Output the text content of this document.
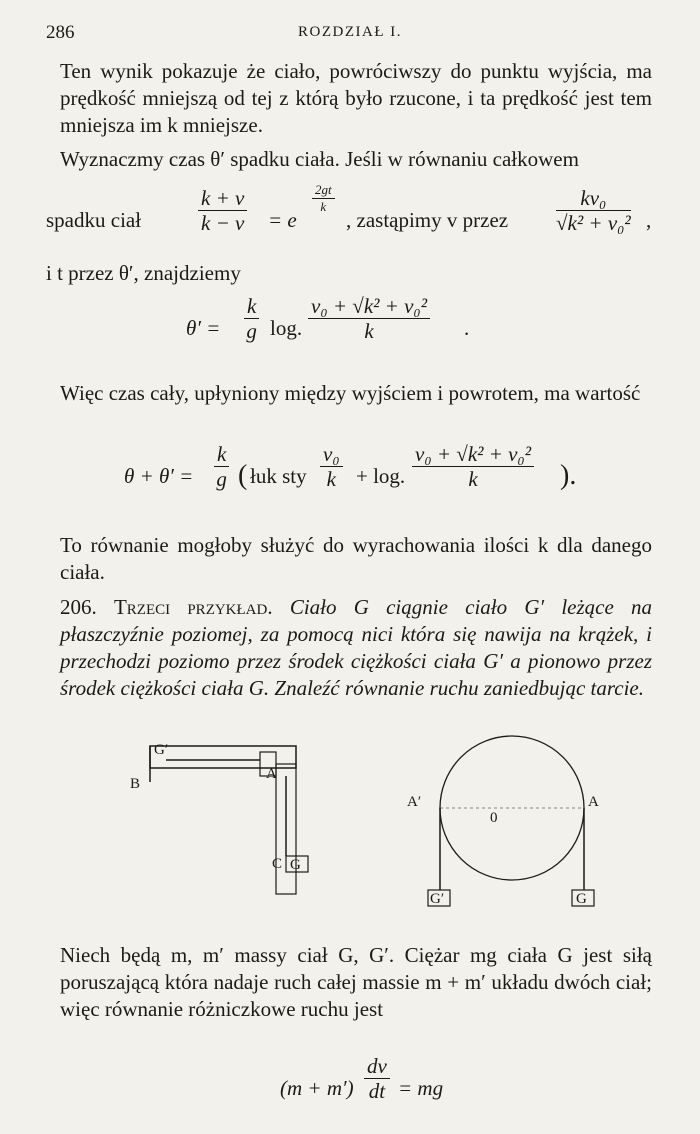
286	ROZDZIAŁ I.
Ten wynik pokazuje że ciało, powróciwszy do punktu wyjścia, ma prędkość mniejszą od tej z którą było rzucone, i ta prędkość jest tem mniejsza im k mniejsze.
Wyznaczmy czas θ′ spadku ciała. Jeśli w równaniu całkowem
spadku ciał	$\frac{k + v}{k - v} = e$
$\frac{2gt}{k}$
, zastąpimy v przez $\frac{\text{kv₀}}{\text{√k² + v₀²}}$ ,
i t przez θ′, znajdziemy
$\theta' = \frac{k}{g} \log$. $\frac{\text{v₀ + √k² + v₀²}}{k}$ .
Więc czas cały, upłyniony między wyjściem i powrotem, ma wartość
$\theta + \theta' = \frac{k}{g}$ ( łuk sty $\frac{\text{v₀}}{k} + \log$. $\frac{\text{v₀ + √k² + v₀²}}{k}$ ).
To równanie mogłoby służyć do wyrachowania ilości k dla danego ciała.
206. Trzeci przykład. Ciało G ciągnie ciało G′ leżące na płaszczyźnie poziomej, za pomocą nici która się nawija na krążek, i przechodzi poziomo przez środek ciężkości ciała G′ a pionowo przez środek ciężkości ciała G. Znaleźć równanie ruchu zaniedbując tarcie.
G′
B
A
C G
A′	A
0
G′	G
Niech będą m, m′ massy ciał G, G′. Ciężar mg ciała G jest siłą poruszającą która nadaje ruch całej massie m + m′ układu dwóch ciał; więc równanie różniczkowe ruchu jest
$(m + m') \frac{dv}{dt}$ = mg
